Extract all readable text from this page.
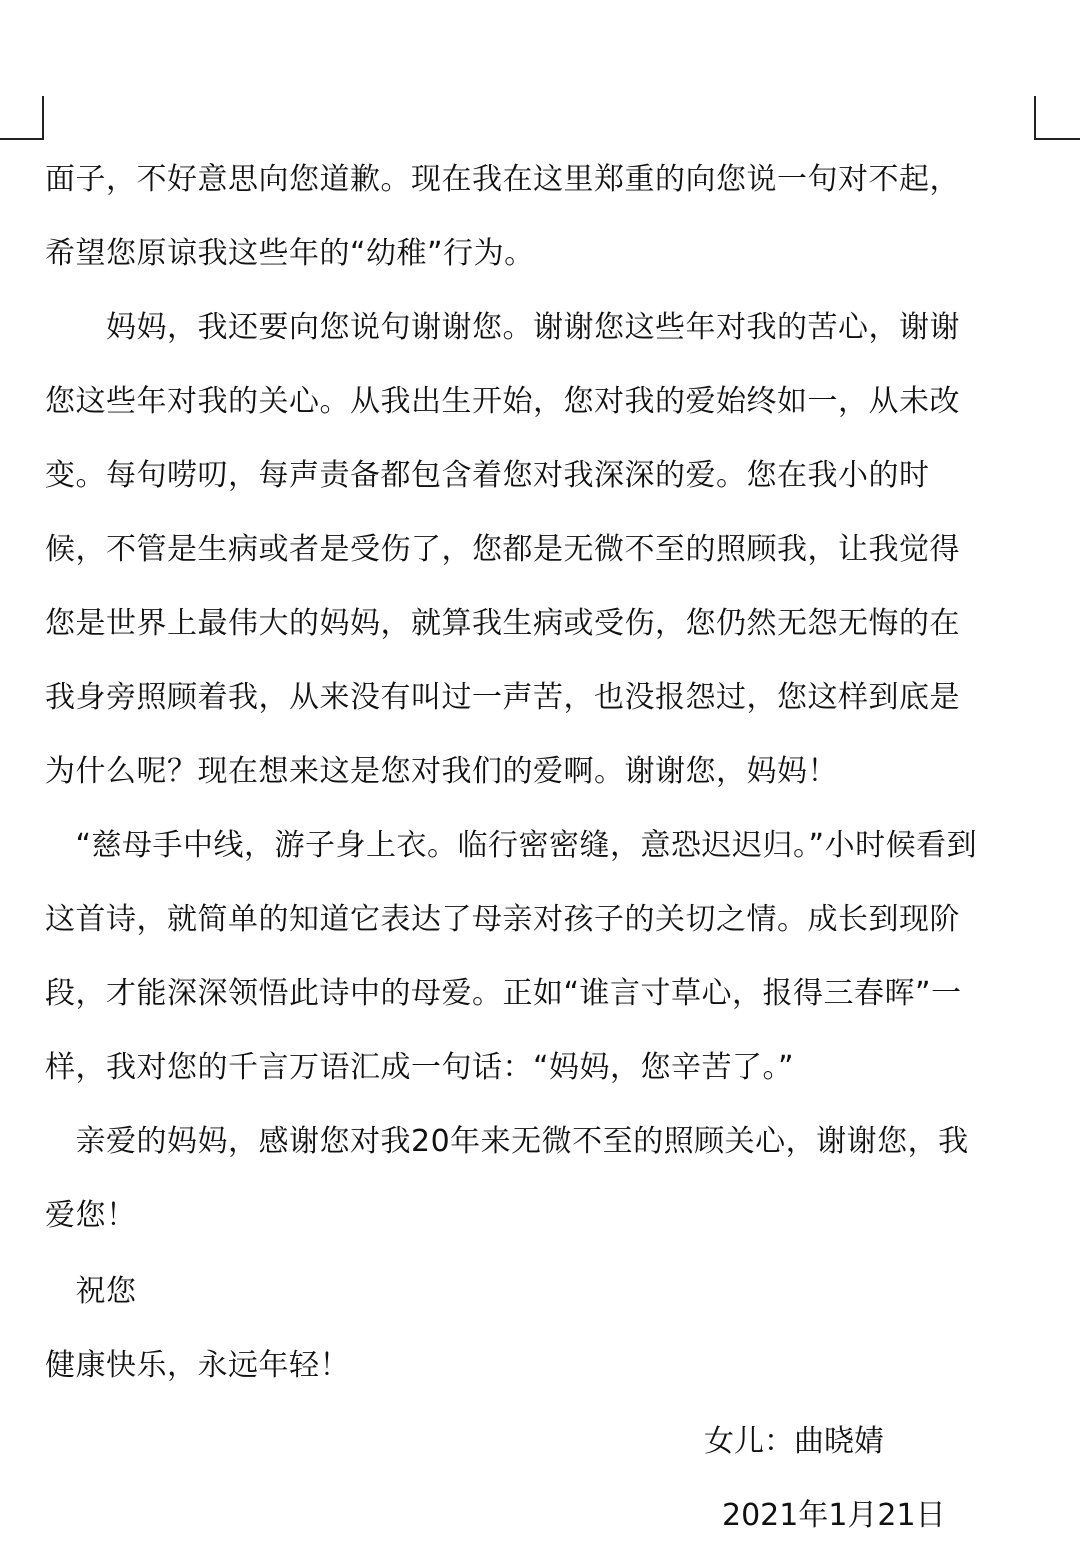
面子，不好意思向您道歉。现在我在这里郑重的向您说一句对不起，
希望您原谅我这些年的“幼稚”行为。
　　妈妈，我还要向您说句谢谢您。谢谢您这些年对我的苦心，谢谢
您这些年对我的关心。从我出生开始，您对我的爱始终如一，从未改
变。每句唠叨，每声责备都包含着您对我深深的爱。您在我小的时
候，不管是生病或者是受伤了，您都是无微不至的照顾我，让我觉得
您是世界上最伟大的妈妈，就算我生病或受伤，您仍然无怨无悔的在
我身旁照顾着我，从来没有叫过一声苦，也没报怨过，您这样到底是
为什么呢？现在想来这是您对我们的爱啊。谢谢您，妈妈！
　“慈母手中线，游子身上衣。临行密密缝，意恐迟迟归。”小时候看到
这首诗，就简单的知道它表达了母亲对孩子的关切之情。成长到现阶
段，才能深深领悟此诗中的母爱。正如“谁言寸草心，报得三春晖”一
样，我对您的千言万语汇成一句话：“妈妈，您辛苦了。”
　亲爱的妈妈，感谢您对我20年来无微不至的照顾关心，谢谢您，我
爱您！
　祝您
健康快乐，永远年轻！
女儿：曲晓婧
2021年1月21日
